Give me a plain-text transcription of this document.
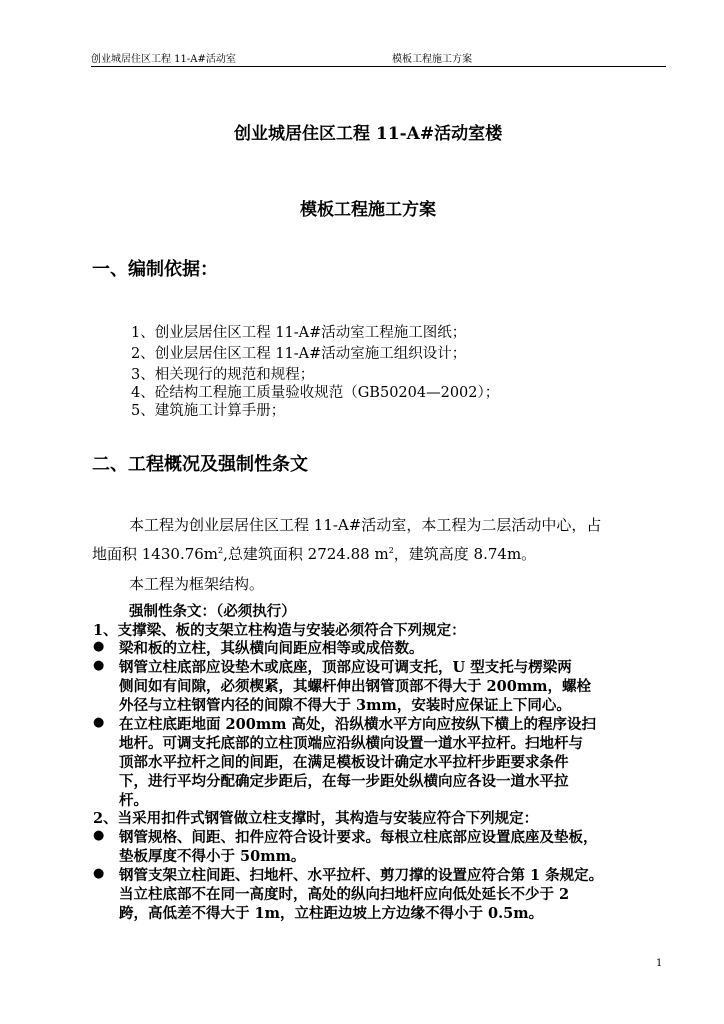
创业城居住区工程 11-A#活动室	模板工程施工方案
创业城居住区工程 11-A#活动室楼
模板工程施工方案
一、编制依据：
1、创业层居住区工程 11-A#活动室工程施工图纸；
2、创业层居住区工程 11-A#活动室施工组织设计；
3、相关现行的规范和规程；
4、砼结构工程施工质量验收规范（GB50204—2002）；
5、建筑施工计算手册；
二、工程概况及强制性条文
本工程为创业层居住区工程 11-A#活动室，本工程为二层活动中心，占
地面积 $1430.76m^2$,总建筑面积 2724.88 $m^2$，建筑高度 8.74m。
本工程为框架结构。
强制性条文：（必须执行）
1、支撑梁、板的支架立柱构造与安装必须符合下列规定：
● 梁和板的立柱，其纵横向间距应相等或成倍数。
● 钢管立柱底部应设垫木或底座，顶部应设可调支托，U 型支托与楞梁两
侧间如有间隙，必须楔紧，其螺杆伸出钢管顶部不得大于 200mm，螺栓
外径与立柱钢管内径的间隙不得大于 3mm，安装时应保证上下同心。
● 在立柱底距地面 200mm 高处，沿纵横水平方向应按纵下横上的程序设扫
地杆。可调支托底部的立柱顶端应沿纵横向设置一道水平拉杆。扫地杆与
顶部水平拉杆之间的间距，在满足模板设计确定水平拉杆步距要求条件
下，进行平均分配确定步距后，在每一步距处纵横向应各设一道水平拉
杆。
2、当采用扣件式钢管做立柱支撑时，其构造与安装应符合下列规定：
● 钢管规格、间距、扣件应符合设计要求。每根立柱底部应设置底座及垫板，
垫板厚度不得小于 50mm。
● 钢管支架立柱间距、扫地杆、水平拉杆、剪刀撑的设置应符合第 1 条规定。
当立柱底部不在同一高度时，高处的纵向扫地杆应向低处延长不少于 2
跨，高低差不得大于 1m，立柱距边坡上方边缘不得小于 0.5m。
1
